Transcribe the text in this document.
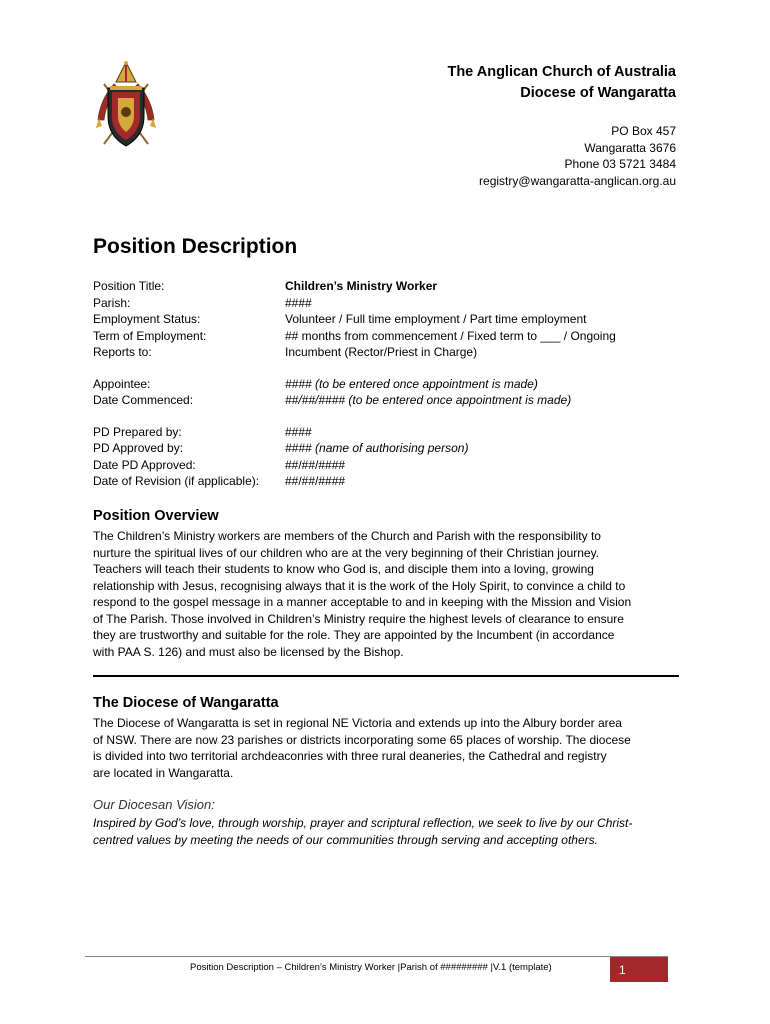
The Anglican Church of Australia
Diocese of Wangaratta
PO Box 457
Wangaratta 3676
Phone 03 5721 3484
registry@wangaratta-anglican.org.au
Position Description
Position Title:	Children’s Ministry Worker
Parish:	####
Employment Status:	Volunteer / Full time employment / Part time employment
Term of Employment:	## months from commencement / Fixed term to ___ / Ongoing
Reports to:	Incumbent (Rector/Priest in Charge)
Appointee:	#### (to be entered once appointment is made)
Date Commenced:	##/##/#### (to be entered once appointment is made)
PD Prepared by:	####
PD Approved by:	#### (name of authorising person)
Date PD Approved:	##/##/####
Date of Revision (if applicable):	##/##/####
Position Overview
The Children’s Ministry workers are members of the Church and Parish with the responsibility to
nurture the spiritual lives of our children who are at the very beginning of their Christian journey.
Teachers will teach their students to know who God is, and disciple them into a loving, growing
relationship with Jesus, recognising always that it is the work of the Holy Spirit, to convince a child to
respond to the gospel message in a manner acceptable to and in keeping with the Mission and Vision
of The Parish. Those involved in Children’s Ministry require the highest levels of clearance to ensure
they are trustworthy and suitable for the role. They are appointed by the Incumbent (in accordance
with PAA S. 126) and must also be licensed by the Bishop.
The Diocese of Wangaratta
The Diocese of Wangaratta is set in regional NE Victoria and extends up into the Albury border area
of NSW. There are now 23 parishes or districts incorporating some 65 places of worship. The diocese
is divided into two territorial archdeaconries with three rural deaneries, the Cathedral and registry
are located in Wangaratta.
Our Diocesan Vision:
Inspired by God’s love, through worship, prayer and scriptural reflection, we seek to live by our Christ-
centred values by meeting the needs of our communities through serving and accepting others.
Position Description – Children’s Ministry Worker |Parish of ######### |V.1 (template)	1
